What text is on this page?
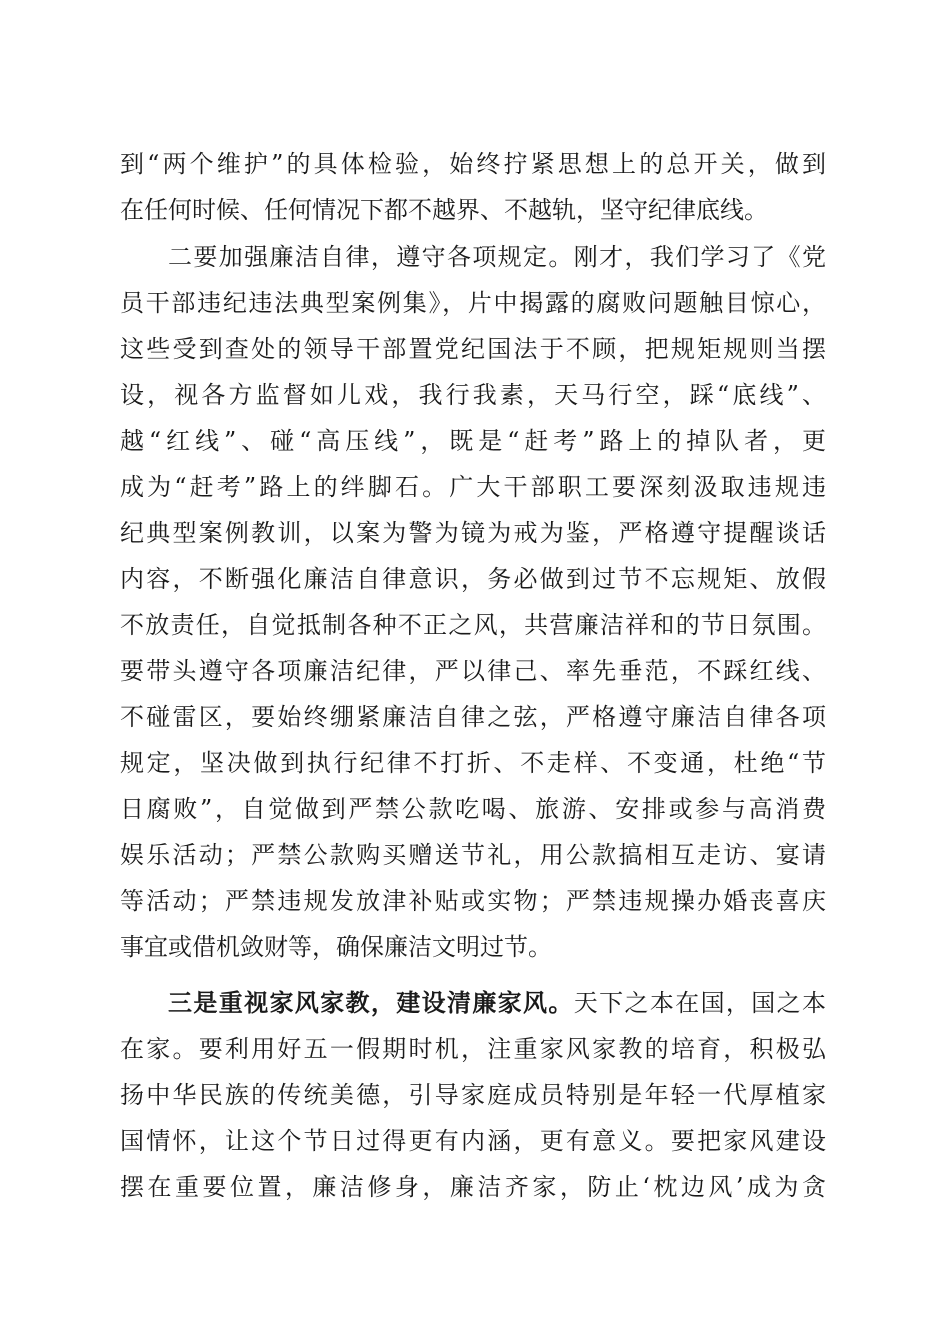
到“两个维护”的具体检验，始终拧紧思想上的总开关，做到
在任何时候、任何情况下都不越界、不越轨，坚守纪律底线。
二要加强廉洁自律，遵守各项规定。刚才，我们学习了《党
员干部违纪违法典型案例集》，片中揭露的腐败问题触目惊心，
这些受到查处的领导干部置党纪国法于不顾，把规矩规则当摆
设，视各方监督如儿戏，我行我素，天马行空，踩“底线”、
越“红线”、碰“高压线”，既是“赶考”路上的掉队者，更
成为“赶考”路上的绊脚石。广大干部职工要深刻汲取违规违
纪典型案例教训，以案为警为镜为戒为鉴，严格遵守提醒谈话
内容，不断强化廉洁自律意识，务必做到过节不忘规矩、放假
不放责任，自觉抵制各种不正之风，共营廉洁祥和的节日氛围。
要带头遵守各项廉洁纪律，严以律己、率先垂范，不踩红线、
不碰雷区，要始终绷紧廉洁自律之弦，严格遵守廉洁自律各项
规定，坚决做到执行纪律不打折、不走样、不变通，杜绝“节
日腐败”，自觉做到严禁公款吃喝、旅游、安排或参与高消费
娱乐活动；严禁公款购买赠送节礼，用公款搞相互走访、宴请
等活动；严禁违规发放津补贴或实物；严禁违规操办婚丧喜庆
事宜或借机敛财等，确保廉洁文明过节。
三是重视家风家教，建设清廉家风。天下之本在国，国之本
在家。要利用好五一假期时机，注重家风家教的培育，积极弘
扬中华民族的传统美德，引导家庭成员特别是年轻一代厚植家
国情怀，让这个节日过得更有内涵，更有意义。要把家风建设
摆在重要位置，廉洁修身，廉洁齐家，防止‘枕边风’成为贪
